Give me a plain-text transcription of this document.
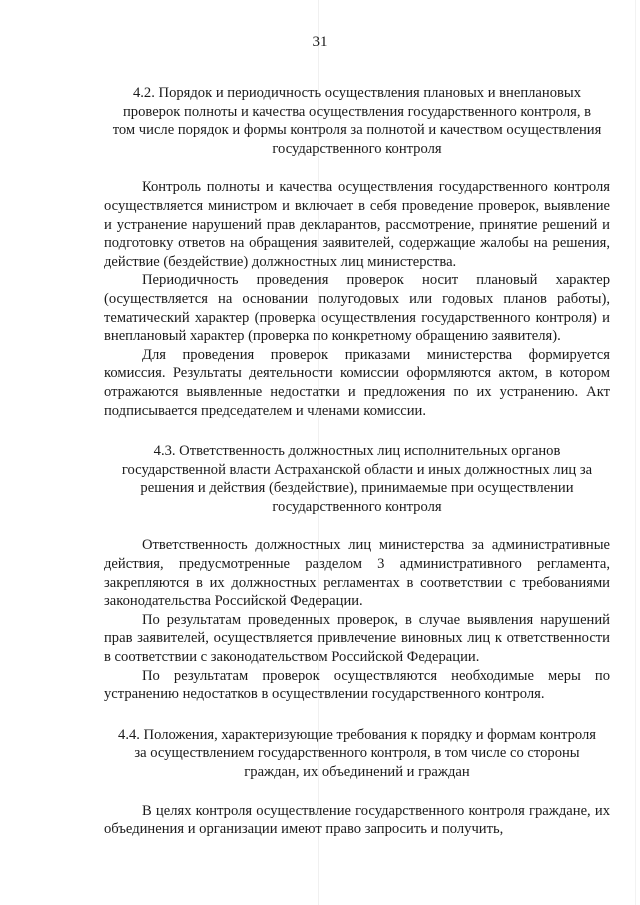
31

4.2. Порядок и периодичность осуществления плановых и внеплановых проверок полноты и качества осуществления государственного контроля, в том числе порядок и формы контроля за полнотой и качеством осуществления государственного контроля

Контроль полноты и качества осуществления государственного контроля осуществляется министром и включает в себя проведение проверок, выявление и устранение нарушений прав декларантов, рассмотрение, принятие решений и подготовку ответов на обращения заявителей, содержащие жалобы на решения, действие (бездействие) должностных лиц министерства.

Периодичность проведения проверок носит плановый характер (осуществляется на основании полугодовых или годовых планов работы), тематический характер (проверка осуществления государственного контроля) и внеплановый характер (проверка по конкретному обращению заявителя).

Для проведения проверок приказами министерства формируется комиссия. Результаты деятельности комиссии оформляются актом, в котором отражаются выявленные недостатки и предложения по их устранению. Акт подписывается председателем и членами комиссии.

4.3. Ответственность должностных лиц исполнительных органов государственной власти Астраханской области и иных должностных лиц за решения и действия (бездействие), принимаемые при осуществлении государственного контроля

Ответственность должностных лиц министерства за административные действия, предусмотренные разделом 3 административного регламента, закрепляются в их должностных регламентах в соответствии с требованиями законодательства Российской Федерации.

По результатам проведенных проверок, в случае выявления нарушений прав заявителей, осуществляется привлечение виновных лиц к ответственности в соответствии с законодательством Российской Федерации.

По результатам проверок осуществляются необходимые меры по устранению недостатков в осуществлении государственного контроля.

4.4. Положения, характеризующие требования к порядку и формам контроля за осуществлением государственного контроля, в том числе со стороны граждан, их объединений и граждан

В целях контроля осуществление государственного контроля граждане, их объединения и организации имеют право запросить и получить,
